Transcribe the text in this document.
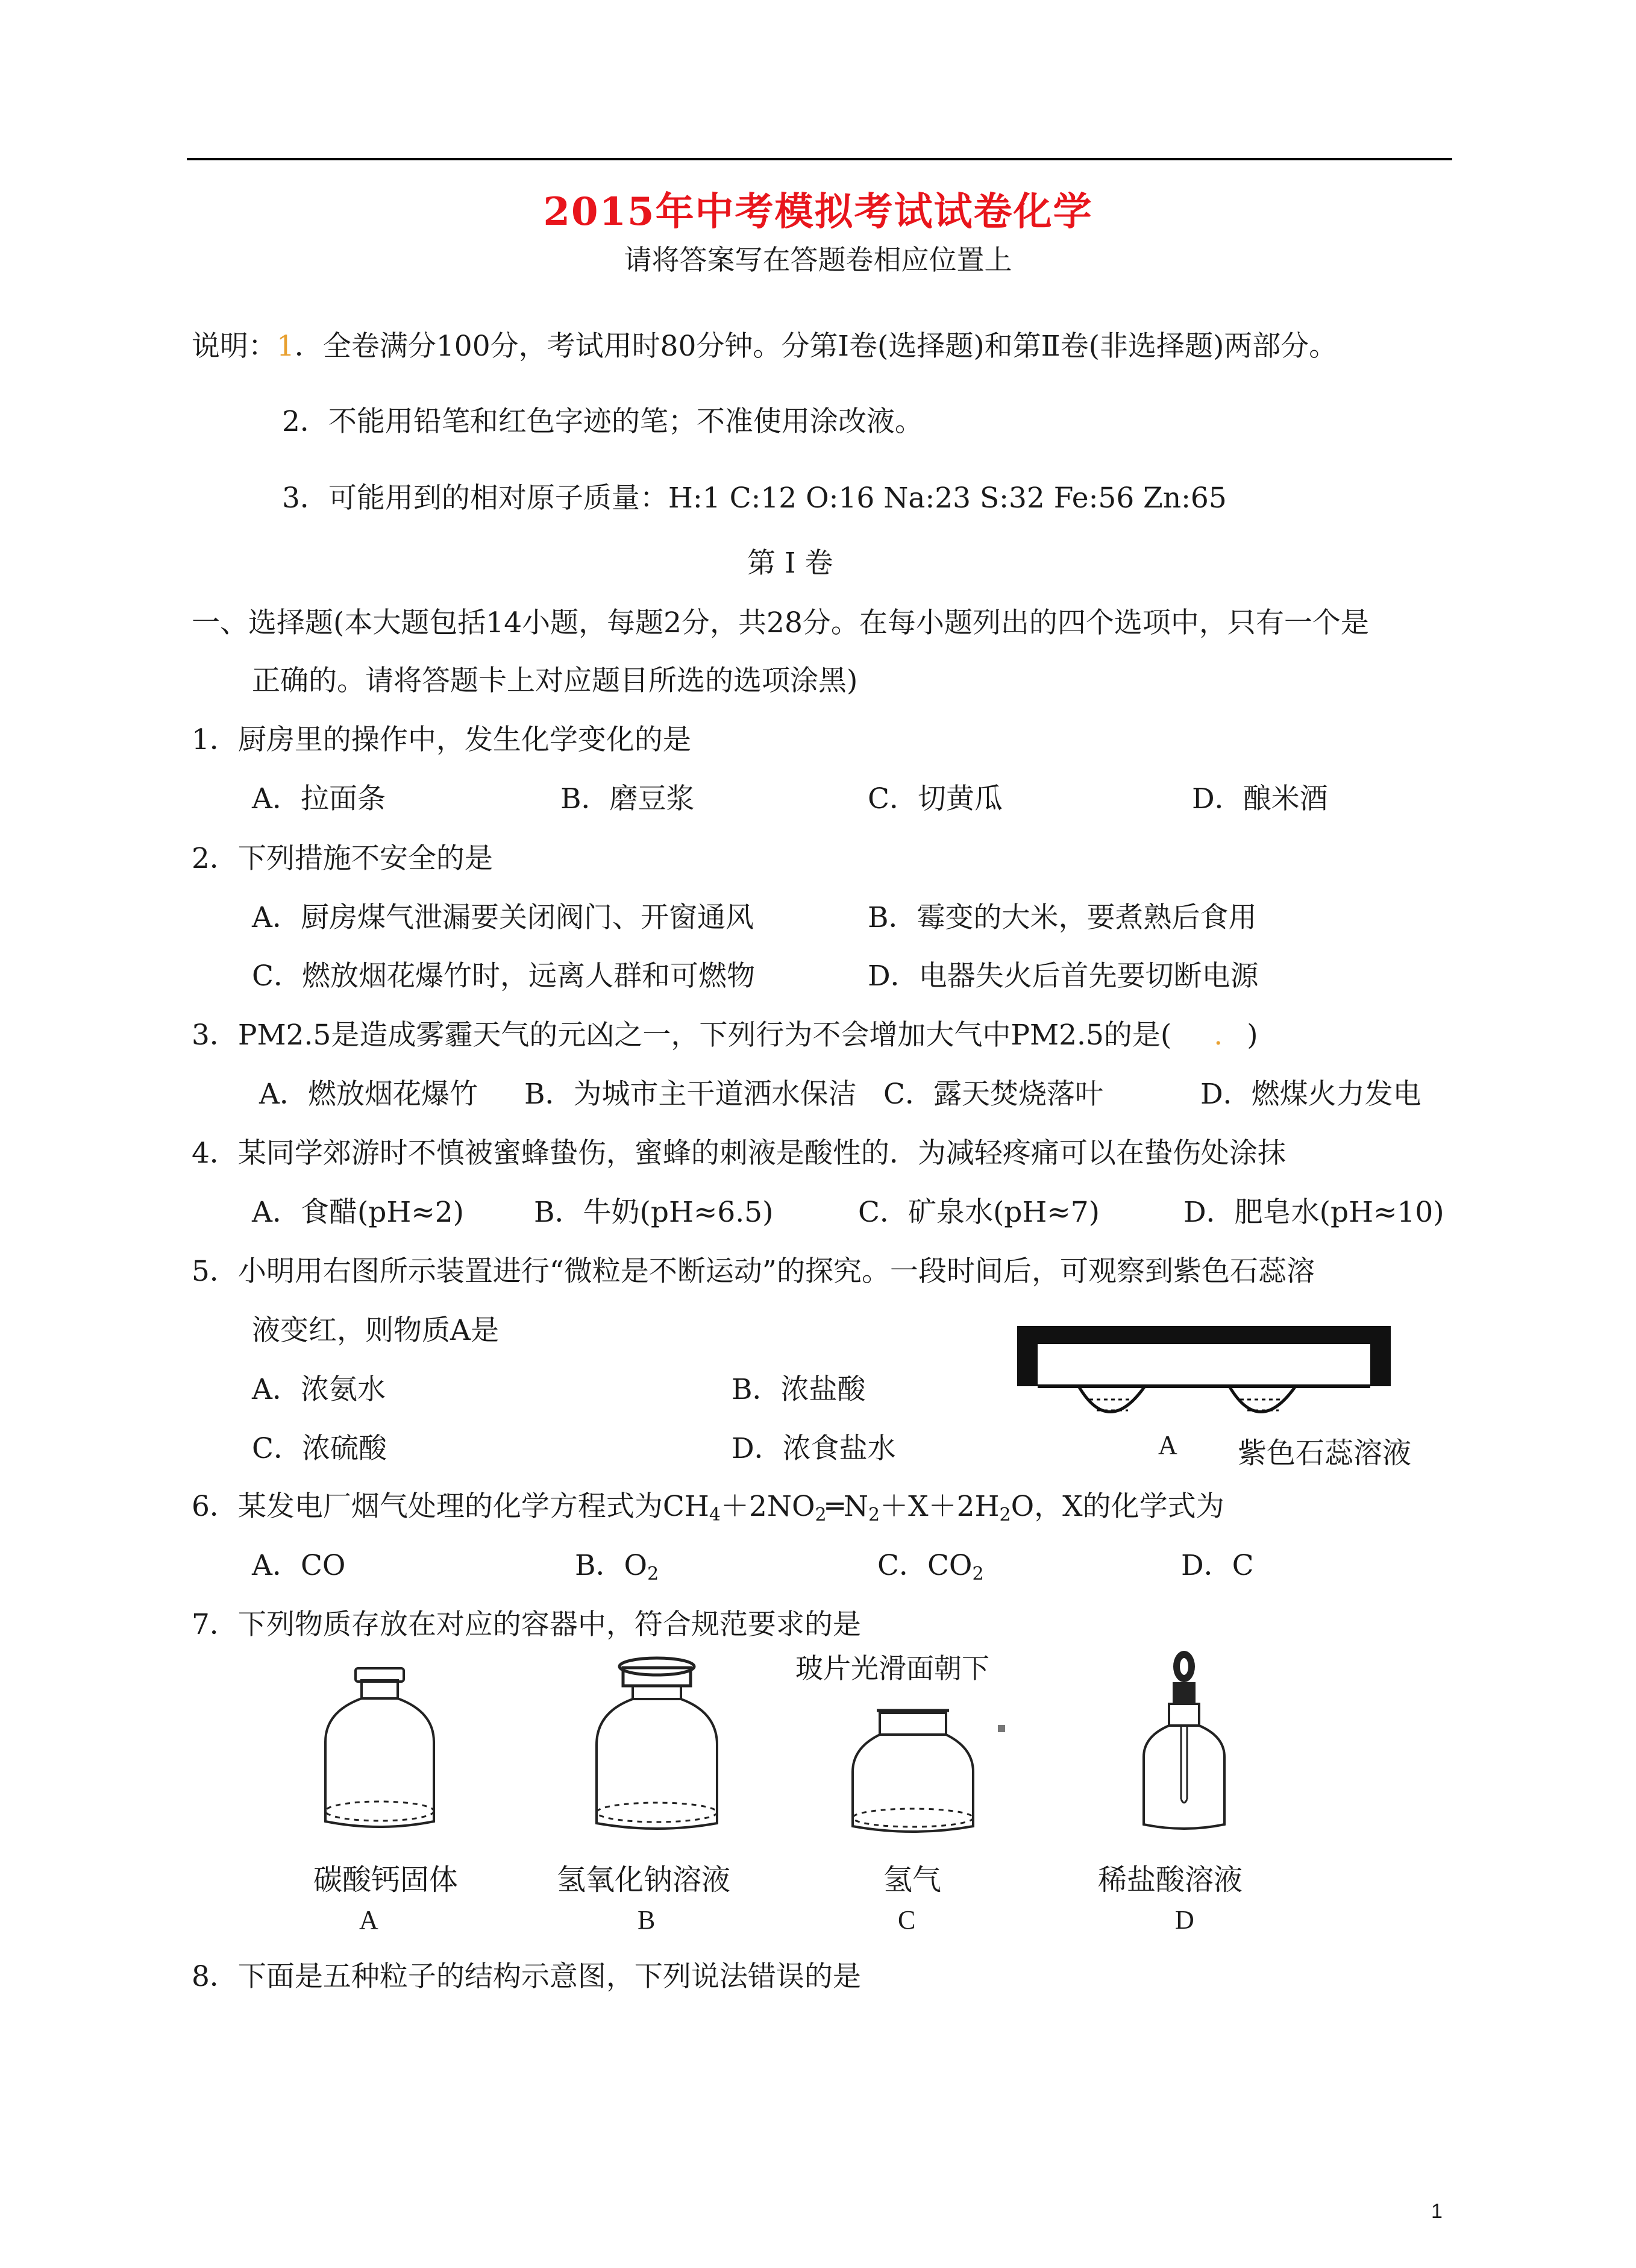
2015年中考模拟考试试卷化学
请将答案写在答题卷相应位置上
说明：1．全卷满分100分，考试用时80分钟。分第Ⅰ卷(选择题)和第Ⅱ卷(非选择题)两部分。
2．不能用铅笔和红色字迹的笔；不准使用涂改液。
3．可能用到的相对原子质量：H:1 C:12 O:16 Na:23 S:32 Fe:56 Zn:65
第 Ⅰ 卷
一、选择题(本大题包括14小题，每题2分，共28分。在每小题列出的四个选项中，只有一个是
正确的。请将答题卡上对应题目所选的选项涂黑)
1．厨房里的操作中，发生化学变化的是
A．拉面条	B．磨豆浆	C．切黄瓜	D．酿米酒
2．下列措施不安全的是
A．厨房煤气泄漏要关闭阀门、开窗通风	B．霉变的大米，要煮熟后食用
C．燃放烟花爆竹时，远离人群和可燃物	D．电器失火后首先要切断电源
3．PM2.5是造成雾霾天气的元凶之一，下列行为不会增加大气中PM2.5的是( . )
A．燃放烟花爆竹 B．为城市主干道洒水保洁 C．露天焚烧落叶	D．燃煤火力发电
4．某同学郊游时不慎被蜜蜂蛰伤，蜜蜂的刺液是酸性的．为减轻疼痛可以在蛰伤处涂抹
A．食醋(pH≈2) B．牛奶(pH≈6.5)	C．矿泉水(pH≈7)	D．肥皂水(pH≈10)
5．小明用右图所示装置进行“微粒是不断运动”的探究。一段时间后，可观察到紫色石蕊溶
液变红，则物质A是
A．浓氨水	B．浓盐酸
C．浓硫酸	D．浓食盐水	A 紫色石蕊溶液
6．某发电厂烟气处理的化学方程式为$CH_4+2NO_2═N_2+X+2H_2O$，X的化学式为
A．CO	B．$O_2$	C．$CO_2$	D．C
7．下列物质存放在对应的容器中，符合规范要求的是
玻片光滑面朝下
碳酸钙固体	氢氧化钠溶液	氢气	稀盐酸溶液
A	B	C	D
8．下面是五种粒子的结构示意图，下列说法错误的是
1
